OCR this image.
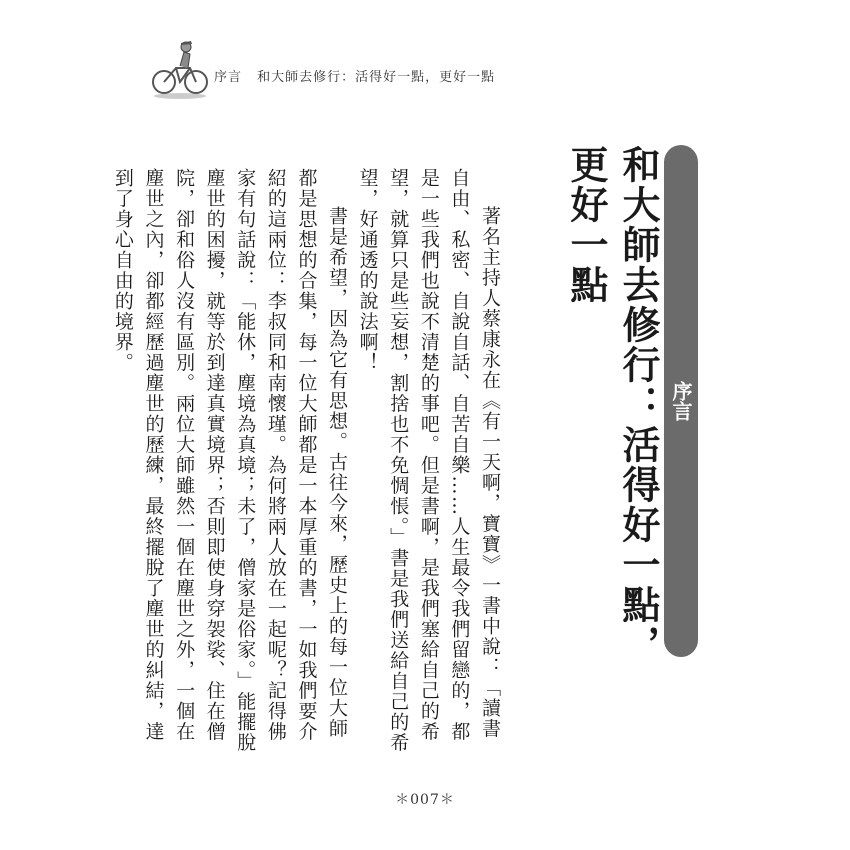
序言 和大師去修行：活得好一點，更好一點
序言
和大師去修行：活得好一點，更好一點

著名主持人蔡康永在《有一天啊，寶寶》一書中說：「讀書自由、私密、自說自話、自苦自樂……人生最令我們留戀的，都是一些我們也說不清楚的事吧。但是書啊，是我們塞給自己的希望，就算只是些妄想，割捨也不免惆悵。」書是我們送給自己的希望，好通透的說法啊！

書是希望，因為它有思想。古往今來，歷史上的每一位大師都是思想的合集，每一位大師都是一本厚重的書，一如我們要介紹的這兩位：李叔同和南懷瑾。為何將兩人放在一起呢？記得佛家有句話說：「能休，塵境為真境；未了，僧家是俗家。」能擺脫塵世的困擾，就等於到達真實境界；否則即使身穿袈裟、住在僧院，卻和俗人沒有區別。兩位大師雖然一個在塵世之外，一個在塵世之內，卻都經歷過塵世的歷練，最終擺脫了塵世的糾結，達到了身心自由的境界。

＊007＊
